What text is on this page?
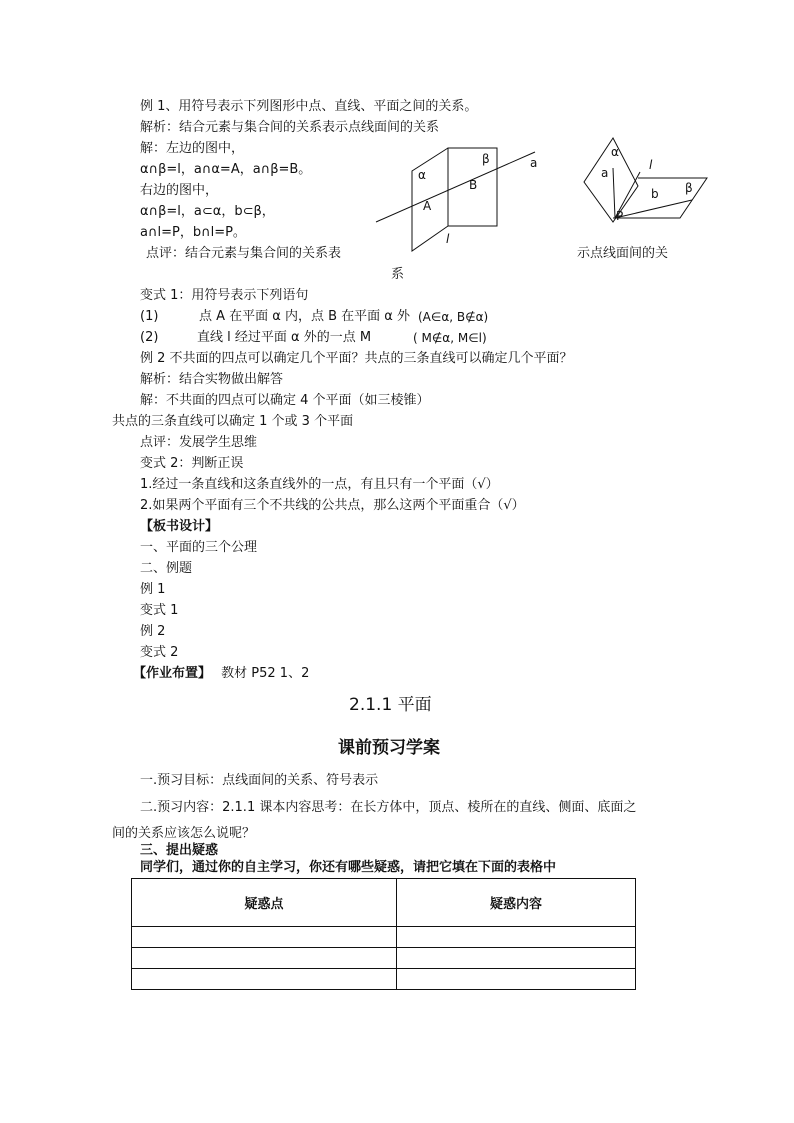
例 1、用符号表示下列图形中点、直线、平面之间的关系。
解析：结合元素与集合间的关系表示点线面间的关系
解：左边的图中，
α∩β=l，a∩α=A，a∩β=B。
右边的图中，
α∩β=l，a⊂α，b⊂β，
a∩l=P，b∩l=P。
点评：结合元素与集合间的关系表	示点线面间的关
系
β	a
α
B
A
l
α
l
a
b β
P
变式 1：用符号表示下列语句
(1)	点 A 在平面 α 内，点 B 在平面 α 外 (A∈α, B∉α)
(2)	直线 l 经过平面 α 外的一点 M	( M∉α, M∈l)
例 2 不共面的四点可以确定几个平面？共点的三条直线可以确定几个平面？
解析：结合实物做出解答
解：不共面的四点可以确定 4 个平面（如三棱锥）
共点的三条直线可以确定 1 个或 3 个平面
点评：发展学生思维
变式 2：判断正误
1.经过一条直线和这条直线外的一点，有且只有一个平面（√）
2.如果两个平面有三个不共线的公共点，那么这两个平面重合（√）
【板书设计】
一、平面的三个公理
二、例题
例 1
变式 1
例 2
变式 2
【作业布置】 教材 P52 1、2
2.1.1 平面
课前预习学案
一.预习目标：点线面间的关系、符号表示
二.预习内容：2.1.1 课本内容思考：在长方体中，顶点、棱所在的直线、侧面、底面之
间的关系应该怎么说呢？
三、提出疑惑
同学们，通过你的自主学习，你还有哪些疑惑，请把它填在下面的表格中
疑惑点	疑惑内容
